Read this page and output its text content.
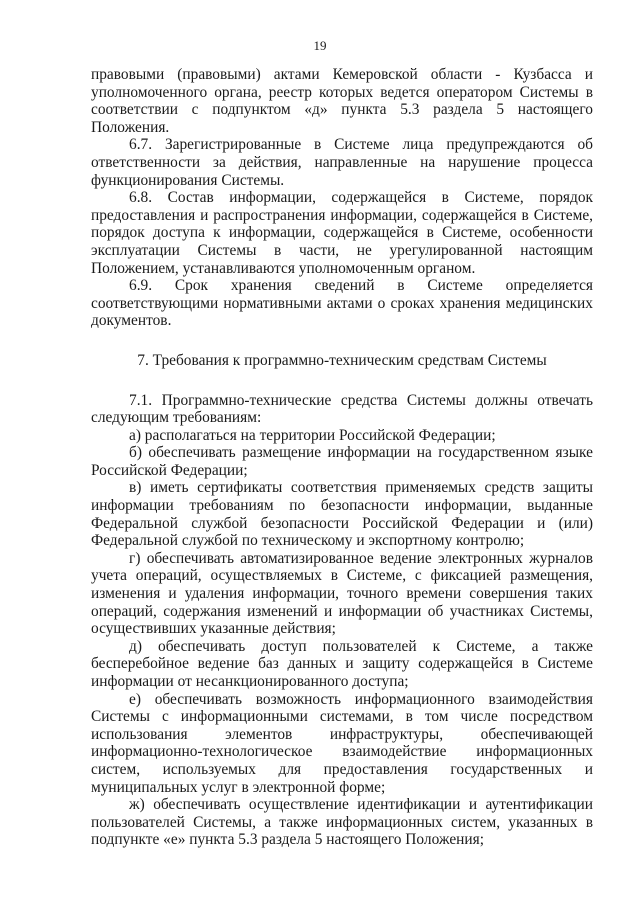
19

правовыми (правовыми) актами Кемеровской области - Кузбасса и уполномоченного органа, реестр которых ведется оператором Системы в соответствии с подпунктом «д» пункта 5.3 раздела 5 настоящего Положения.

6.7. Зарегистрированные в Системе лица предупреждаются об ответственности за действия, направленные на нарушение процесса функционирования Системы.

6.8. Состав информации, содержащейся в Системе, порядок предоставления и распространения информации, содержащейся в Системе, порядок доступа к информации, содержащейся в Системе, особенности эксплуатации Системы в части, не урегулированной настоящим Положением, устанавливаются уполномоченным органом.

6.9. Срок хранения сведений в Системе определяется соответствующими нормативными актами о сроках хранения медицинских документов.

7. Требования к программно-техническим средствам Системы

7.1. Программно-технические средства Системы должны отвечать следующим требованиям:

а) располагаться на территории Российской Федерации;

б) обеспечивать размещение информации на государственном языке Российской Федерации;

в) иметь сертификаты соответствия применяемых средств защиты информации требованиям по безопасности информации, выданные Федеральной службой безопасности Российской Федерации и (или) Федеральной службой по техническому и экспортному контролю;

г) обеспечивать автоматизированное ведение электронных журналов учета операций, осуществляемых в Системе, с фиксацией размещения, изменения и удаления информации, точного времени совершения таких операций, содержания изменений и информации об участниках Системы, осуществивших указанные действия;

д) обеспечивать доступ пользователей к Системе, а также бесперебойное ведение баз данных и защиту содержащейся в Системе информации от несанкционированного доступа;

е) обеспечивать возможность информационного взаимодействия Системы с информационными системами, в том числе посредством использования элементов инфраструктуры, обеспечивающей информационно-технологическое взаимодействие информационных систем, используемых для предоставления государственных и муниципальных услуг в электронной форме;

ж) обеспечивать осуществление идентификации и аутентификации пользователей Системы, а также информационных систем, указанных в подпункте «е» пункта 5.3 раздела 5 настоящего Положения;
